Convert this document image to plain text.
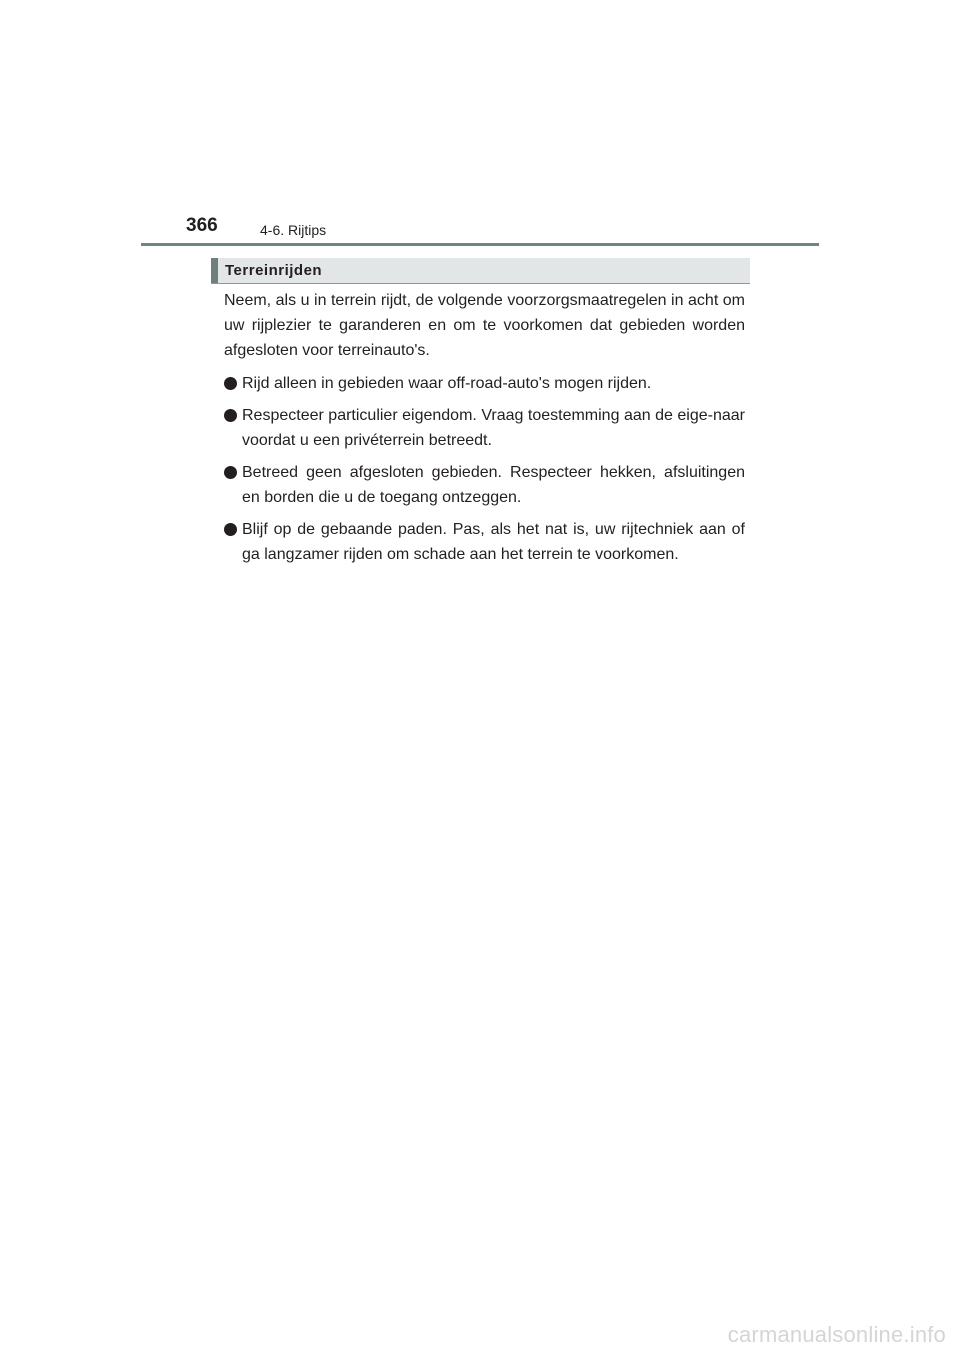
366	4-6. Rijtips
Terreinrijden

Neem, als u in terrein rijdt, de volgende voorzorgsmaatregelen in acht om uw rijplezier te garanderen en om te voorkomen dat gebieden worden afgesloten voor terreinauto's.

Rijd alleen in gebieden waar off-road-auto's mogen rijden.
Respecteer particulier eigendom. Vraag toestemming aan de eige-naar voordat u een privéterrein betreedt.
Betreed geen afgesloten gebieden. Respecteer hekken, afsluitingen en borden die u de toegang ontzeggen.
Blijf op de gebaande paden. Pas, als het nat is, uw rijtechniek aan of ga langzamer rijden om schade aan het terrein te voorkomen.
carmanualsonline.info
